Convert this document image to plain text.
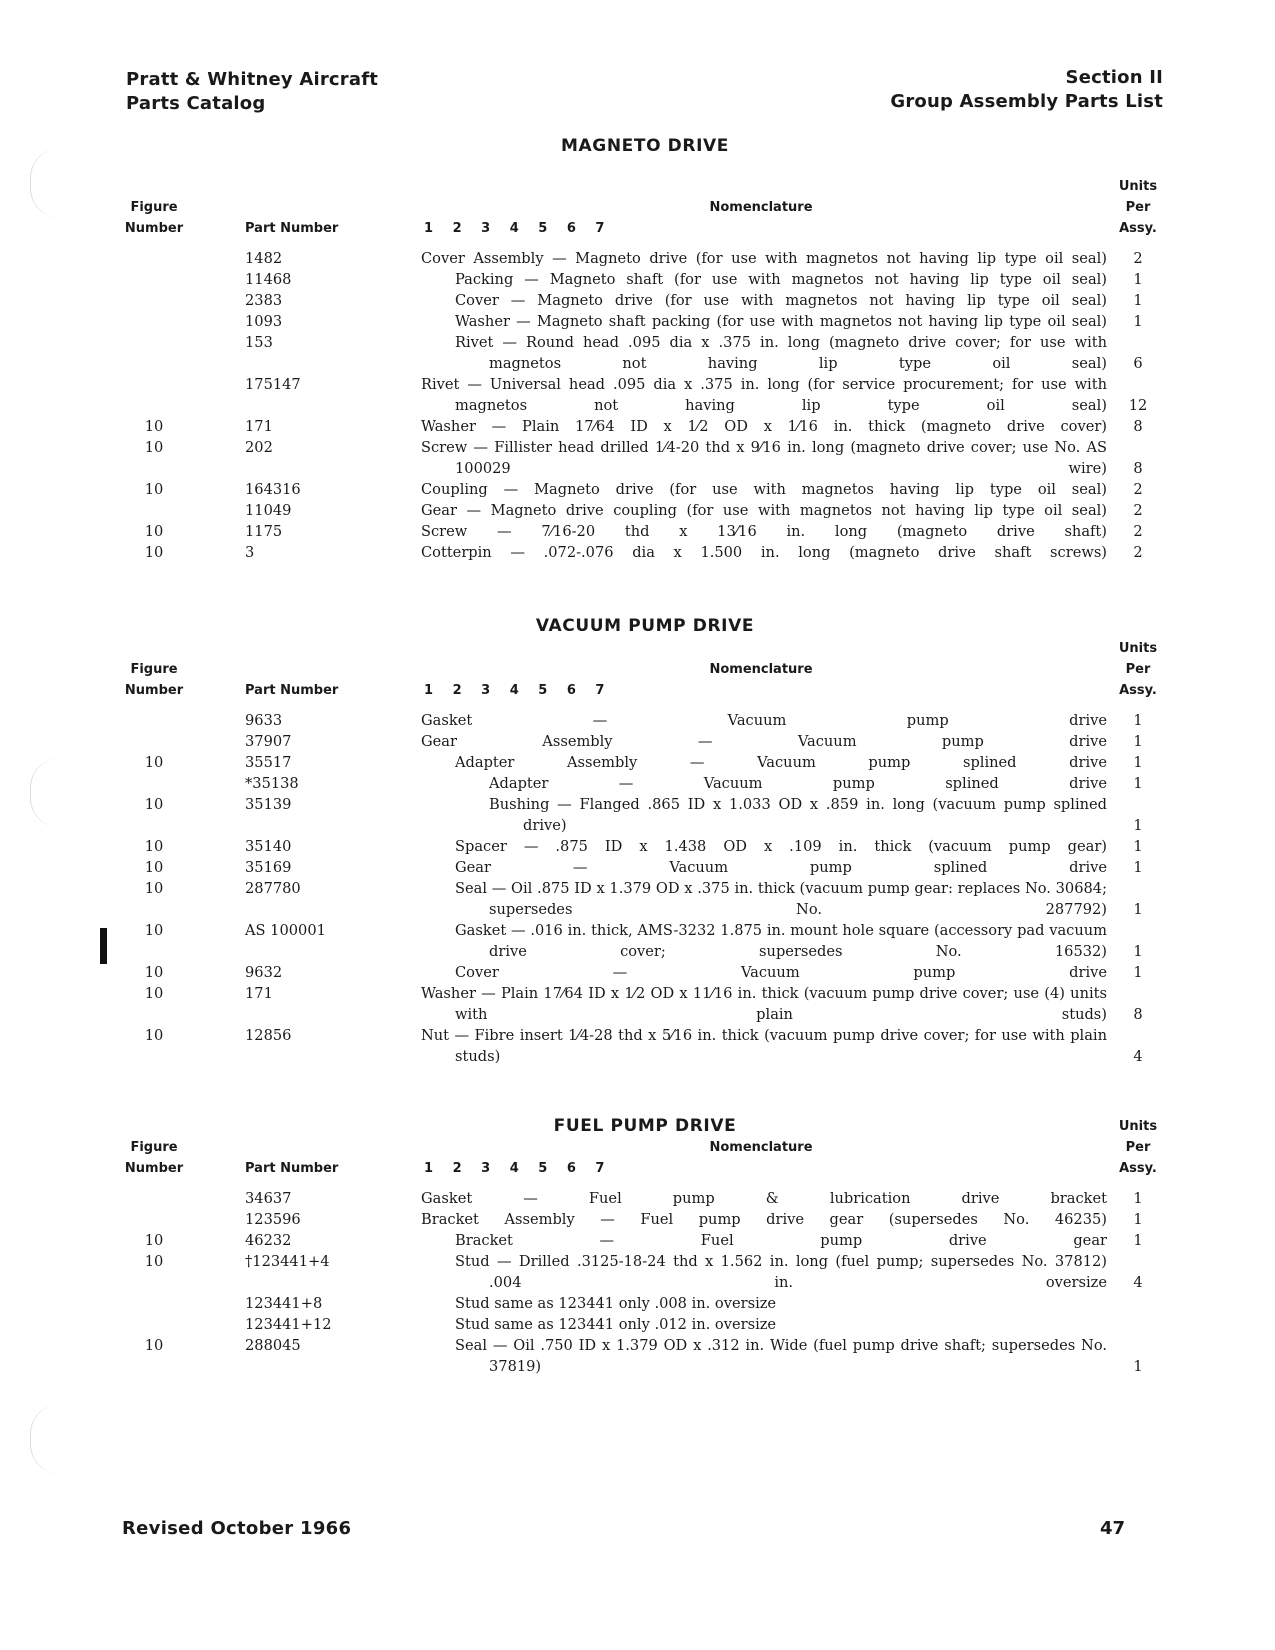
Pratt & Whitney Aircraft
Parts Catalog
Section II
Group Assembly Parts List
MAGNETO DRIVE
Units
Per
Assy.
Figure
Number	Part Number
Nomenclature
1 2 3 4 5 6 7
1482	Cover Assembly — Magneto drive (for use with magnetos not having lip type oil seal)	2
11468	Packing — Magneto shaft (for use with magnetos not having lip type oil seal)	1
2383	Cover — Magneto drive (for use with magnetos not having lip type oil seal)	1
1093	Washer — Magneto shaft packing (for use with magnetos not having lip type oil seal)	1
153	Rivet — Round head .095 dia x .375 in. long (magneto drive cover; for use with magnetos not having lip type oil seal)	6
175147	Rivet — Universal head .095 dia x .375 in. long (for service procurement; for use with magnetos not having lip type oil seal)	12
10	171	Washer — Plain 17⁄64 ID x 1⁄2 OD x 1⁄16 in. thick (magneto drive cover)	8
10	202	Screw — Fillister head drilled 1⁄4-20 thd x 9⁄16 in. long (magneto drive cover; use No. AS 100029 wire)	8
10	164316	Coupling — Magneto drive (for use with magnetos having lip type oil seal)	2
11049	Gear — Magneto drive coupling (for use with magnetos not having lip type oil seal)	2
10	1175	Screw — 7⁄16-20 thd x 13⁄16 in. long (magneto drive shaft)	2
10	3	Cotterpin — .072-.076 dia x 1.500 in. long (magneto drive shaft screws)	2
VACUUM PUMP DRIVE
Units
Per
Assy.
Figure
Number	Part Number
Nomenclature
1 2 3 4 5 6 7
9633	Gasket — Vacuum pump drive	1
37907	Gear Assembly — Vacuum pump drive	1
10	35517	Adapter Assembly — Vacuum pump splined drive	1
*35138	Adapter — Vacuum pump splined drive	1
10	35139	Bushing — Flanged .865 ID x 1.033 OD x .859 in. long (vacuum pump splined drive)	1
10	35140	Spacer — .875 ID x 1.438 OD x .109 in. thick (vacuum pump gear)	1
10	35169	Gear — Vacuum pump splined drive	1
10	287780	Seal — Oil .875 ID x 1.379 OD x .375 in. thick (vacuum pump gear: replaces No. 30684; supersedes No. 287792)	1
10	AS 100001	Gasket — .016 in. thick, AMS-3232 1.875 in. mount hole square (accessory pad vacuum drive cover; supersedes No. 16532)	1
10	9632	Cover — Vacuum pump drive	1
10	171	Washer — Plain 17⁄64 ID x 1⁄2 OD x 11⁄16 in. thick (vacuum pump drive cover; use (4) units with plain studs)	8
10	12856	Nut — Fibre insert 1⁄4-28 thd x 5⁄16 in. thick (vacuum pump drive cover; for use with plain studs)	4
FUEL PUMP DRIVE	Units
Per
Assy.
Figure
Number	Part Number
Nomenclature
1 2 3 4 5 6 7
34637	Gasket — Fuel pump & lubrication drive bracket	1
123596	Bracket Assembly — Fuel pump drive gear (supersedes No. 46235)	1
10	46232	Bracket — Fuel pump drive gear	1
10	†123441+4	Stud — Drilled .3125-18-24 thd x 1.562 in. long (fuel pump; supersedes No. 37812) .004 in. oversize	4
123441+8	Stud same as 123441 only .008 in. oversize
123441+12	Stud same as 123441 only .012 in. oversize
10	288045	Seal — Oil .750 ID x 1.379 OD x .312 in. Wide (fuel pump drive shaft; supersedes No. 37819)	1
Revised October 1966	47
